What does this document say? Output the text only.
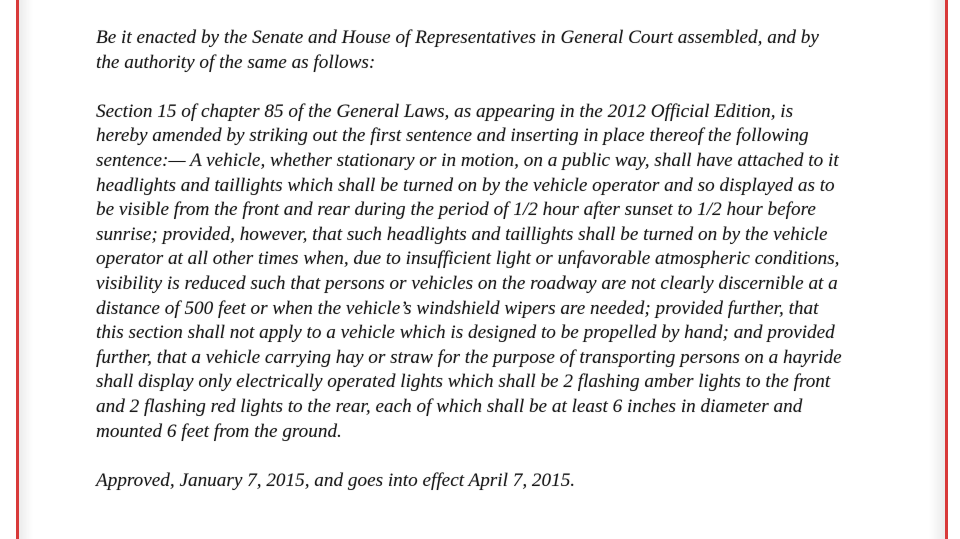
Be it enacted by the Senate and House of Representatives in General Court assembled, and by
the authority of the same as follows:

Section 15 of chapter 85 of the General Laws, as appearing in the 2012 Official Edition, is
hereby amended by striking out the first sentence and inserting in place thereof the following
sentence:— A vehicle, whether stationary or in motion, on a public way, shall have attached to it
headlights and taillights which shall be turned on by the vehicle operator and so displayed as to
be visible from the front and rear during the period of 1/2 hour after sunset to 1/2 hour before
sunrise; provided, however, that such headlights and taillights shall be turned on by the vehicle
operator at all other times when, due to insufficient light or unfavorable atmospheric conditions,
visibility is reduced such that persons or vehicles on the roadway are not clearly discernible at a
distance of 500 feet or when the vehicle’s windshield wipers are needed; provided further, that
this section shall not apply to a vehicle which is designed to be propelled by hand; and provided
further, that a vehicle carrying hay or straw for the purpose of transporting persons on a hayride
shall display only electrically operated lights which shall be 2 flashing amber lights to the front
and 2 flashing red lights to the rear, each of which shall be at least 6 inches in diameter and
mounted 6 feet from the ground.

Approved, January 7, 2015, and goes into effect April 7, 2015.
